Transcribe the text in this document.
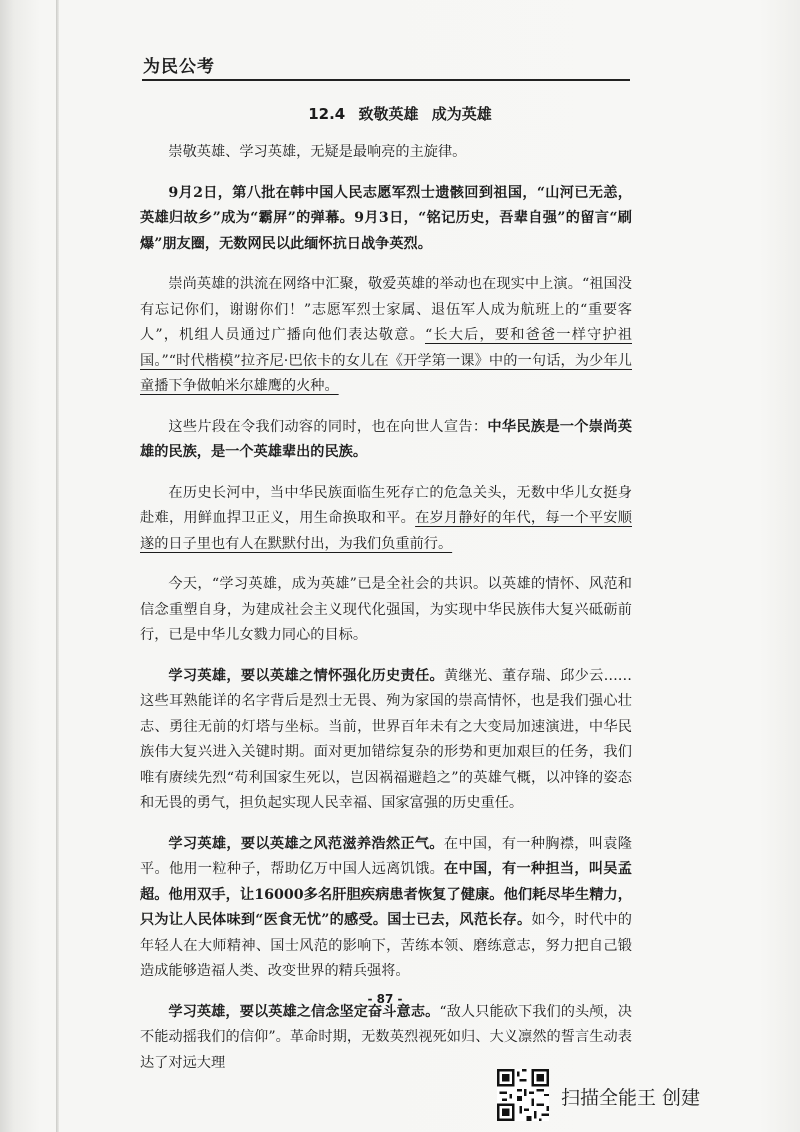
为民公考
12.4 致敬英雄 成为英雄

崇敬英雄、学习英雄，无疑是最响亮的主旋律。

9月2日，第八批在韩中国人民志愿军烈士遗骸回到祖国，“山河已无恙，英雄归故乡”成为“霸屏”的弹幕。9月3日，“铭记历史，吾辈自强”的留言“刷爆”朋友圈，无数网民以此缅怀抗日战争英烈。

崇尚英雄的洪流在网络中汇聚，敬爱英雄的举动也在现实中上演。“祖国没有忘记你们，谢谢你们！”志愿军烈士家属、退伍军人成为航班上的“重要客人”，机组人员通过广播向他们表达敬意。“长大后，要和爸爸一样守护祖国。”“时代楷模”拉齐尼·巴依卡的女儿在《开学第一课》中的一句话，为少年儿童播下争做帕米尔雄鹰的火种。

这些片段在令我们动容的同时，也在向世人宣告：中华民族是一个崇尚英雄的民族，是一个英雄辈出的民族。

在历史长河中，当中华民族面临生死存亡的危急关头，无数中华儿女挺身赴难，用鲜血捍卫正义，用生命换取和平。在岁月静好的年代，每一个平安顺遂的日子里也有人在默默付出，为我们负重前行。

今天，“学习英雄，成为英雄”已是全社会的共识。以英雄的情怀、风范和信念重塑自身，为建成社会主义现代化强国，为实现中华民族伟大复兴砥砺前行，已是中华儿女戮力同心的目标。

学习英雄，要以英雄之情怀强化历史责任。黄继光、董存瑞、邱少云……这些耳熟能详的名字背后是烈士无畏、殉为家国的崇高情怀，也是我们强心壮志、勇往无前的灯塔与坐标。当前，世界百年未有之大变局加速演进，中华民族伟大复兴进入关键时期。面对更加错综复杂的形势和更加艰巨的任务，我们唯有赓续先烈“苟利国家生死以，岂因祸福避趋之”的英雄气概，以冲锋的姿态和无畏的勇气，担负起实现人民幸福、国家富强的历史重任。

学习英雄，要以英雄之风范滋养浩然正气。在中国，有一种胸襟，叫袁隆平。他用一粒种子，帮助亿万中国人远离饥饿。在中国，有一种担当，叫吴孟超。他用双手，让16000多名肝胆疾病患者恢复了健康。他们耗尽毕生精力，只为让人民体味到“医食无忧”的感受。国士已去，风范长存。如今，时代中的年轻人在大师精神、国士风范的影响下，苦练本领、磨练意志，努力把自己锻造成能够造福人类、改变世界的精兵强将。

学习英雄，要以英雄之信念坚定奋斗意志。“敌人只能砍下我们的头颅，决不能动摇我们的信仰”。革命时期，无数英烈视死如归、大义凛然的誓言生动表达了对远大理

- 87 -
扫描全能王 创建
